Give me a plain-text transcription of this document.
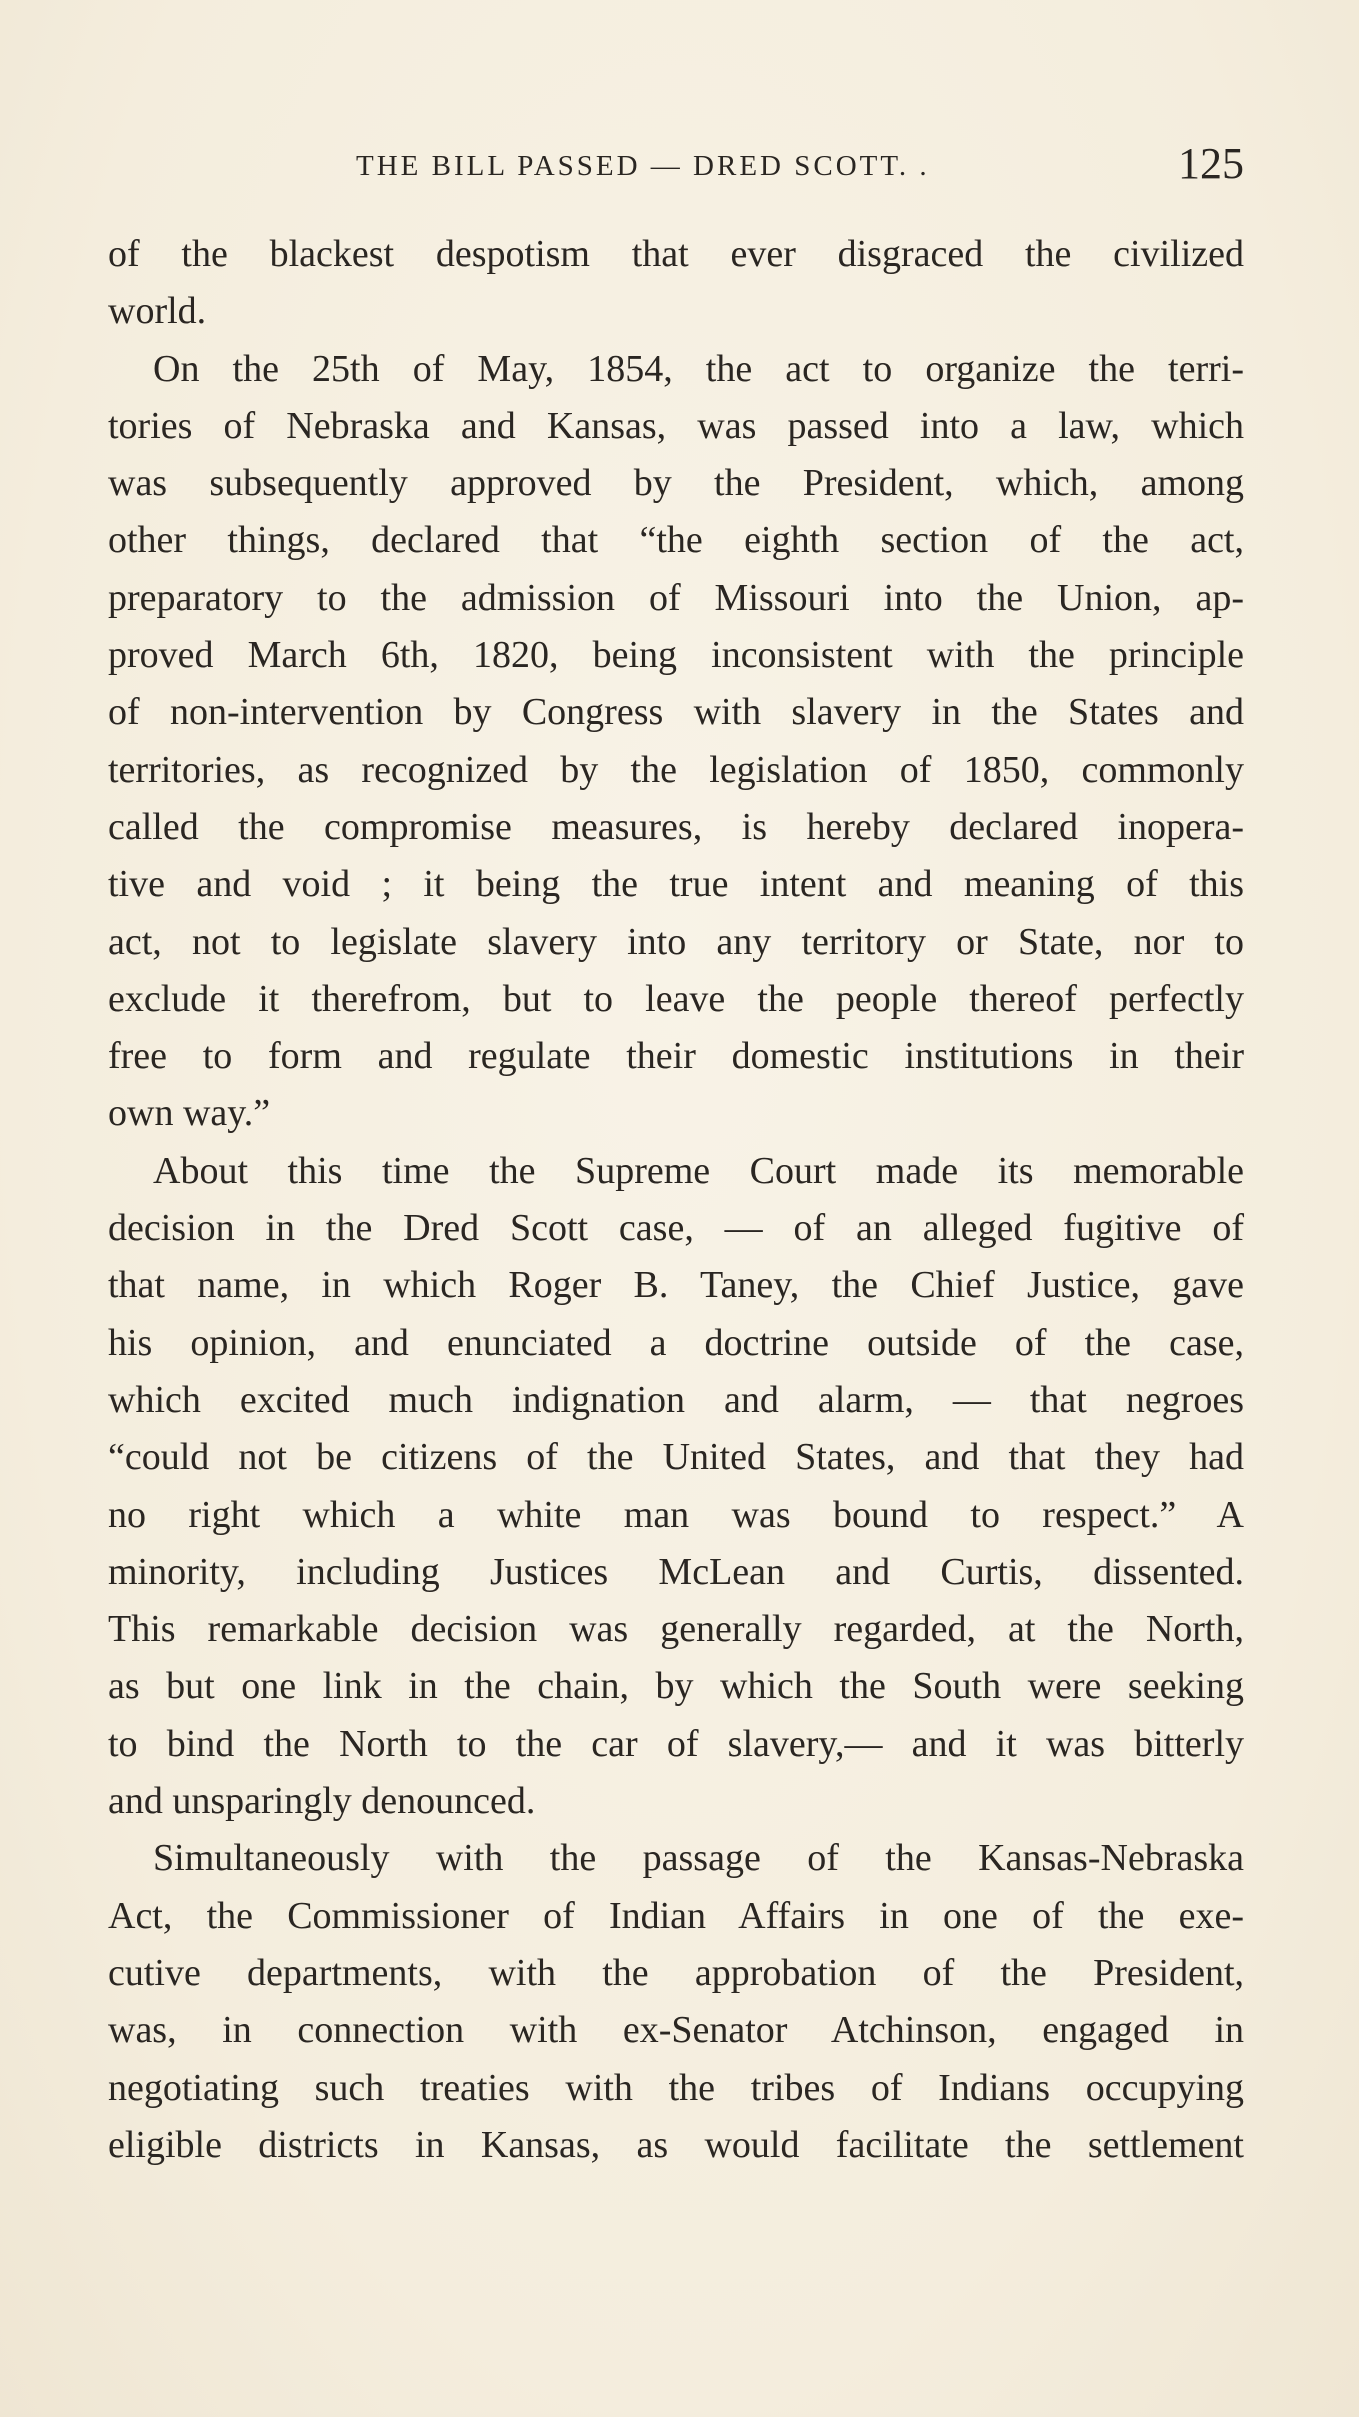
THE BILL PASSED — DRED SCOTT. .	125
of the blackest despotism that ever disgraced the civilized
world.
On the 25th of May, 1854, the act to organize the terri-
tories of Nebraska and Kansas, was passed into a law, which
was subsequently approved by the President, which, among
other things, declared that “the eighth section of the act,
preparatory to the admission of Missouri into the Union, ap-
proved March 6th, 1820, being inconsistent with the principle
of non-intervention by Congress with slavery in the States and
territories, as recognized by the legislation of 1850, commonly
called the compromise measures, is hereby declared inopera-
tive and void ; it being the true intent and meaning of this
act, not to legislate slavery into any territory or State, nor to
exclude it therefrom, but to leave the people thereof perfectly
free to form and regulate their domestic institutions in their
own way.”
About this time the Supreme Court made its memorable
decision in the Dred Scott case, — of an alleged fugitive of
that name, in which Roger B. Taney, the Chief Justice, gave
his opinion, and enunciated a doctrine outside of the case,
which excited much indignation and alarm, — that negroes
“could not be citizens of the United States, and that they had
no right which a white man was bound to respect.” A
minority, including Justices McLean and Curtis, dissented.
This remarkable decision was generally regarded, at the North,
as but one link in the chain, by which the South were seeking
to bind the North to the car of slavery,— and it was bitterly
and unsparingly denounced.
Simultaneously with the passage of the Kansas-Nebraska
Act, the Commissioner of Indian Affairs in one of the exe-
cutive departments, with the approbation of the President,
was, in connection with ex-Senator Atchinson, engaged in
negotiating such treaties with the tribes of Indians occupying
eligible districts in Kansas, as would facilitate the settlement
